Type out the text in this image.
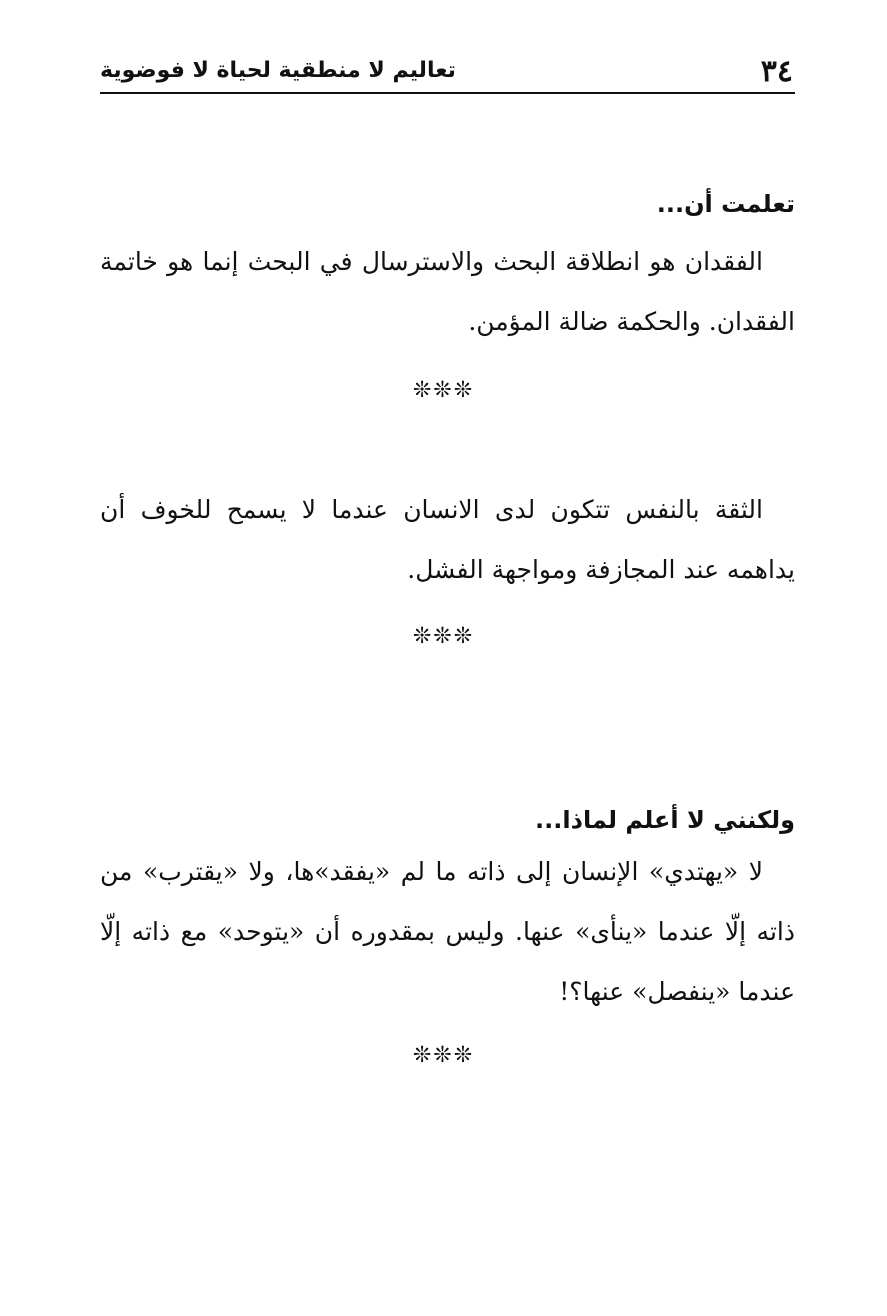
٣٤
تعاليم لا منطقية لحياة لا فوضوية
تعلمت أن...

الفقدان هو انطلاقة البحث والاسترسال في البحث إنما هو خاتمة الفقدان. والحكمة ضالة المؤمن.

❊❊❊

الثقة بالنفس تتكون لدى الانسان عندما لا يسمح للخوف أن يداهمه عند المجازفة ومواجهة الفشل.

❊❊❊
ولكنني لا أعلم لماذا...

لا «يهتدي» الإنسان إلى ذاته ما لم «يفقد»ها، ولا «يقترب» من ذاته إلّا عندما «ينأى» عنها. وليس بمقدوره أن «يتوحد» مع ذاته إلّا عندما «ينفصل» عنها؟!

❊❊❊
